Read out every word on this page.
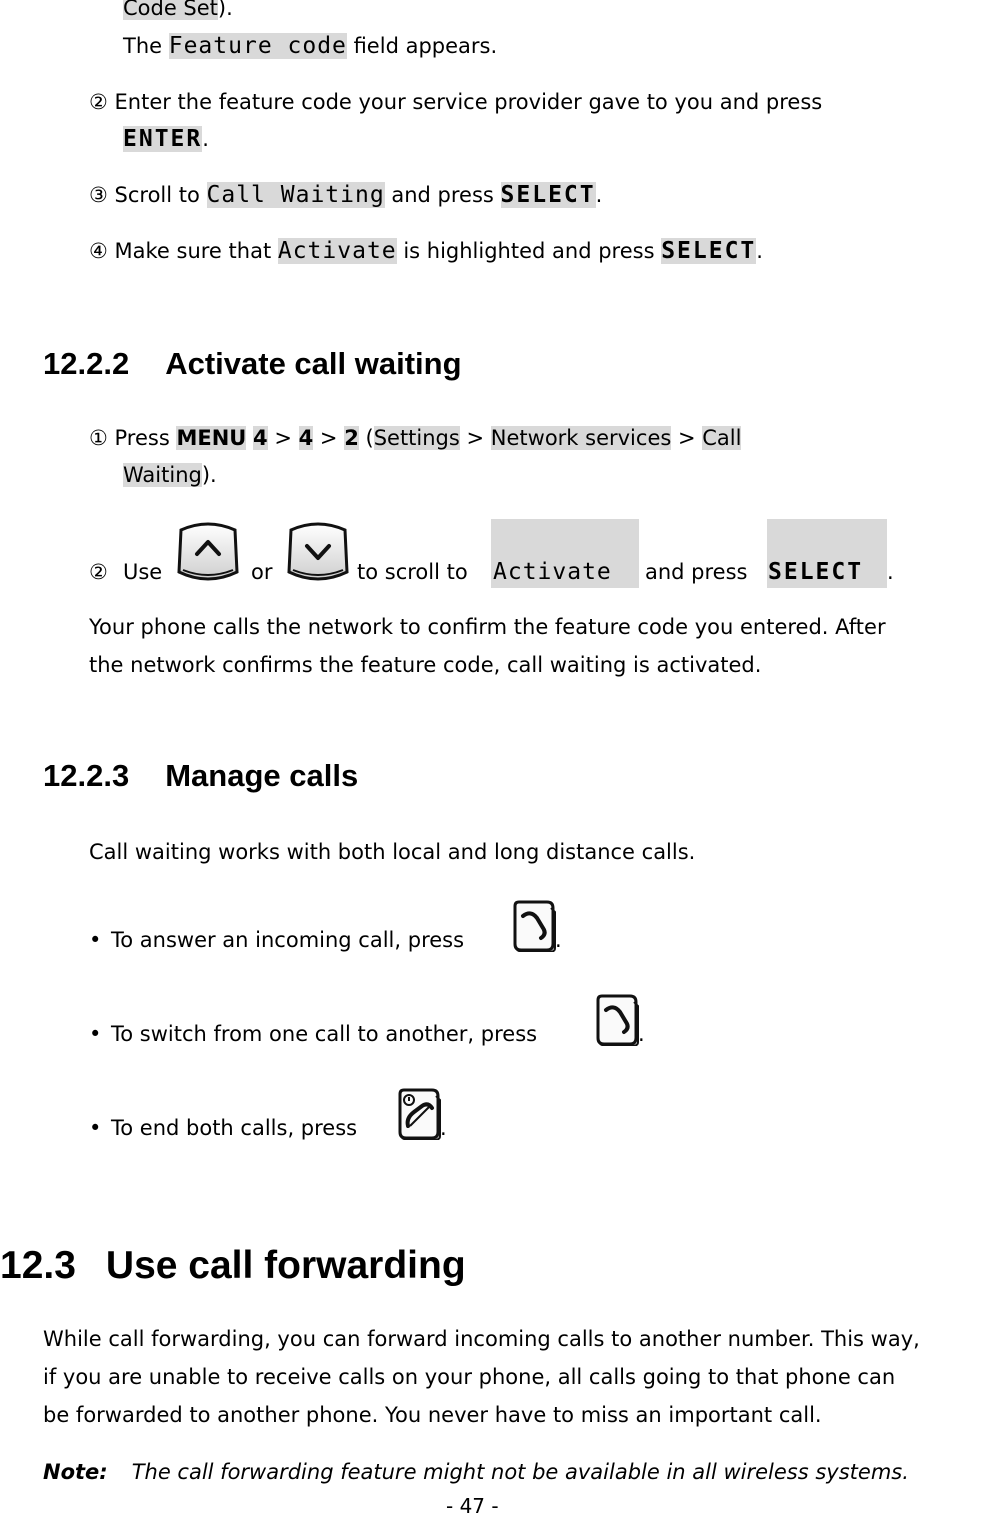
Code Set).
The Feature code field appears.
② Enter the feature code your service provider gave to you and press
ENTER.
③ Scroll to Call Waiting and press SELECT.
④ Make sure that Activate is highlighted and press SELECT.
12.2.2 Activate call waiting
① Press MENU 4 > 4 > 2 (Settings > Network services > Call
Waiting).
② Use	or	to scroll to Activate and press SELECT .
Your phone calls the network to confirm the feature code you entered. After
the network confirms the feature code, call waiting is activated.
12.2.3 Manage calls
Call waiting works with both local and long distance calls.
• To answer an incoming call, press	.
• To switch from one call to another, press	.
• To end both calls, press	.
12.3 Use call forwarding
While call forwarding, you can forward incoming calls to another number. This way,
if you are unable to receive calls on your phone, all calls going to that phone can
be forwarded to another phone. You never have to miss an important call.
Note: The call forwarding feature might not be available in all wireless systems.
- 47 -
